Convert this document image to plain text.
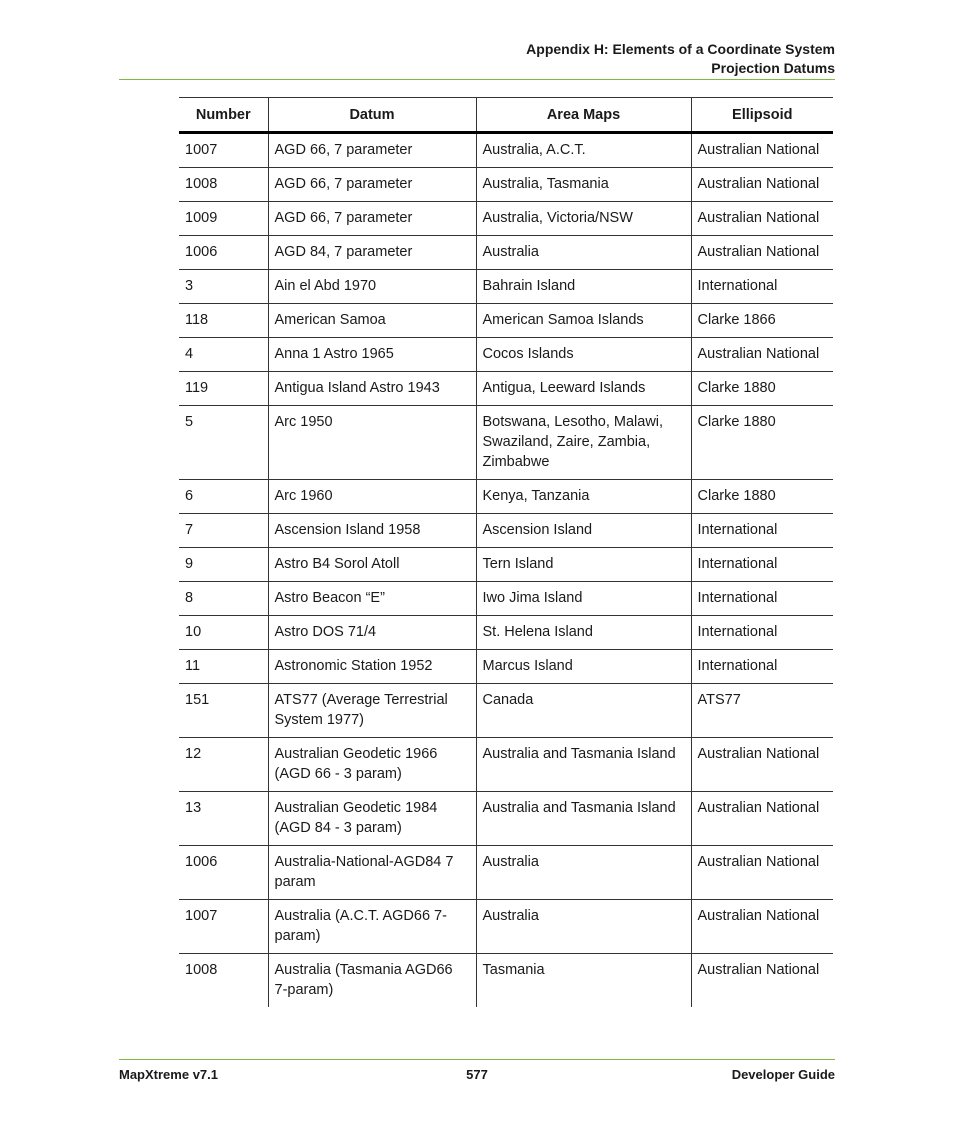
Appendix H: Elements of a Coordinate System
Projection Datums
Number	Datum	Area Maps	Ellipsoid
1007	AGD 66, 7 parameter	Australia, A.C.T.	Australian National
1008	AGD 66, 7 parameter	Australia, Tasmania	Australian National
1009	AGD 66, 7 parameter	Australia, Victoria/NSW	Australian National
1006	AGD 84, 7 parameter	Australia	Australian National
3	Ain el Abd 1970	Bahrain Island	International
118	American Samoa	American Samoa Islands	Clarke 1866
4	Anna 1 Astro 1965	Cocos Islands	Australian National
119	Antigua Island Astro 1943	Antigua, Leeward Islands	Clarke 1880
5	Arc 1950	Botswana, Lesotho, Malawi, Swaziland, Zaire, Zambia, Zimbabwe	Clarke 1880
6	Arc 1960	Kenya, Tanzania	Clarke 1880
7	Ascension Island 1958	Ascension Island	International
9	Astro B4 Sorol Atoll	Tern Island	International
8	Astro Beacon “E”	Iwo Jima Island	International
10	Astro DOS 71/4	St. Helena Island	International
11	Astronomic Station 1952	Marcus Island	International
151	ATS77 (Average Terrestrial System 1977)	Canada	ATS77
12	Australian Geodetic 1966 (AGD 66 - 3 param)	Australia and Tasmania Island	Australian National
13	Australian Geodetic 1984 (AGD 84 - 3 param)	Australia and Tasmania Island	Australian National
1006	Australia-National-AGD84 7 param	Australia	Australian National
1007	Australia (A.C.T. AGD66 7-param)	Australia	Australian National
1008	Australia (Tasmania AGD66 7-param)	Tasmania	Australian National
MapXtreme v7.1	577	Developer Guide
